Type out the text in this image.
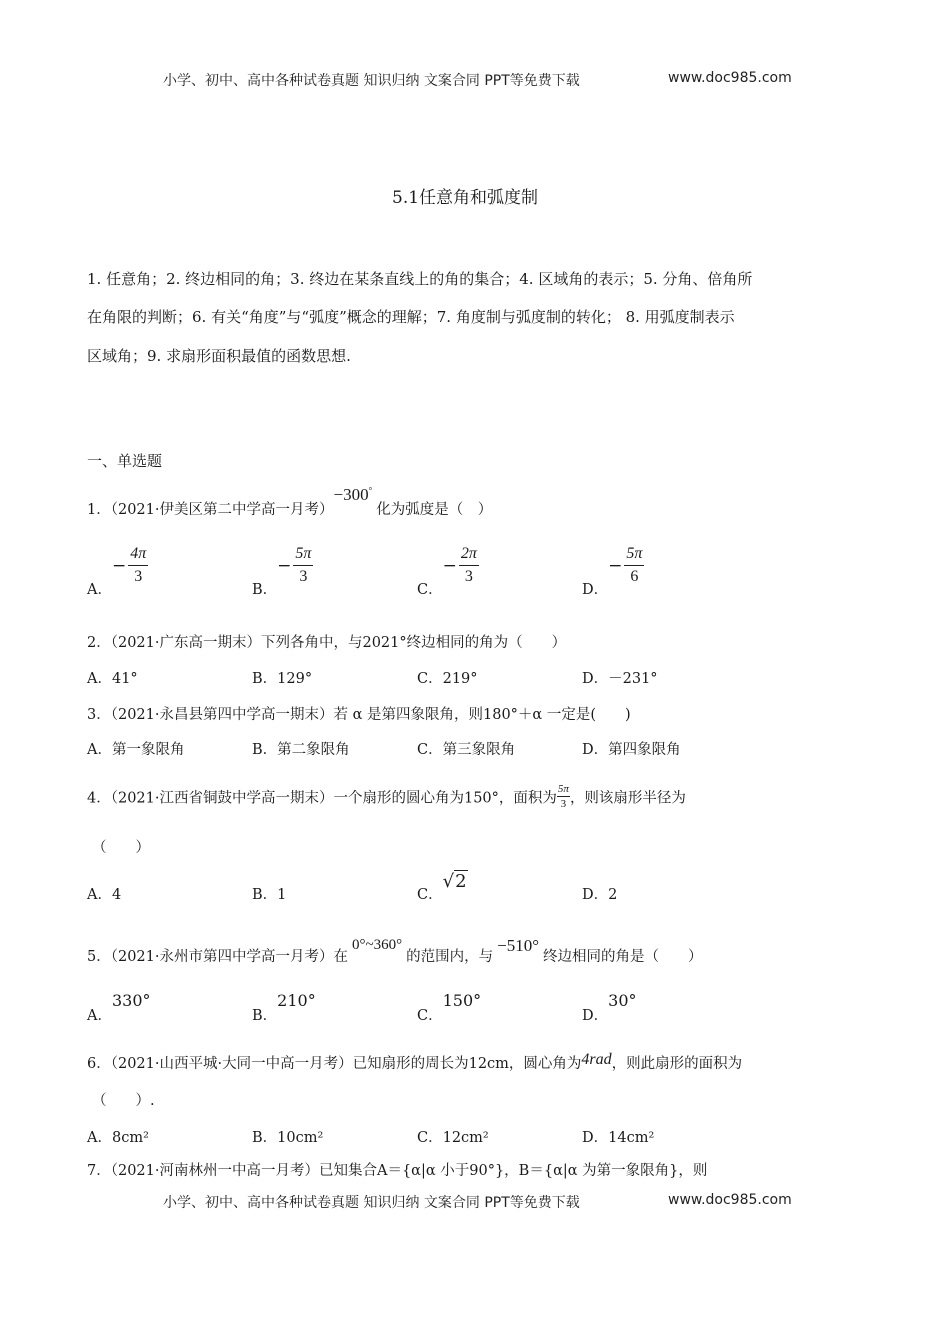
小学、初中、高中各种试卷真题 知识归纳 文案合同 PPT等免费下载	www.doc985.com
5.1任意角和弧度制
1. 任意角；2. 终边相同的角；3. 终边在某条直线上的角的集合；4. 区域角的表示；5. 分角、倍角所
在角限的判断；6. 有关“角度”与“弧度”概念的理解；7. 角度制与弧度制的转化； 8. 用弧度制表示
区域角；9. 求扇形面积最值的函数思想.
一、单选题
1．（2021·伊美区第二中学高一月考）−300°化为弧度是（　）
A．− $\frac{4\pi}{3}$
B．− $\frac{5\pi}{3}$
C．− $\frac{2\pi}{3}$
D．− $\frac{5\pi}{6}$
2．（2021·广东高一期末）下列各角中，与2021°终边相同的角为（　　）
A．41°	B．129°	C．219°	D．－231°
3．（2021·永昌县第四中学高一期末）若 α 是第四象限角，则180°＋α 一定是(　　)
A．第一象限角	B．第二象限角	C．第三象限角	D．第四象限角
4．（2021·江西省铜鼓中学高一期末）一个扇形的圆心角为150°，面积为 $\frac{5\pi}{3}$ ，则该扇形半径为
（　　）
A．4	B．1	C．√2
D．2
5．（2021·永州市第四中学高一月考）在0°~360°的范围内，与−510°终边相同的角是（　　）
A．330°
B．210°
C．150°
D．30°
6．（2021·山西平城·大同一中高一月考）已知扇形的周长为12cm，圆心角为4rad，则此扇形的面积为
（　　）.
A．8cm²	B．10cm²	C．12cm²	D．14cm²
7．（2021·河南林州一中高一月考）已知集合A＝{α|α 小于90°}，B＝{α|α 为第一象限角}，则
小学、初中、高中各种试卷真题 知识归纳 文案合同 PPT等免费下载	www.doc985.com
